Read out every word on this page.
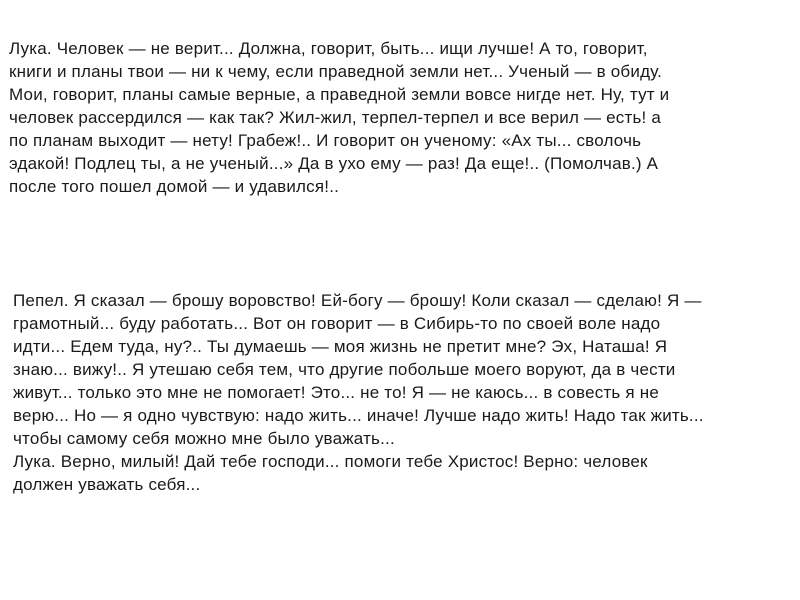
Лука. Человек — не верит... Должна, говорит, быть... ищи лучше! А то, говорит,
книги и планы твои — ни к чему, если праведной земли нет... Ученый — в обиду.
Мои, говорит, планы самые верные, а праведной земли вовсе нигде нет. Ну, тут и
человек рассердился — как так? Жил-жил, терпел-терпел и все верил — есть! а
по планам выходит — нету! Грабеж!.. И говорит он ученому: «Ах ты... сволочь
эдакой! Подлец ты, а не ученый...» Да в ухо ему — раз! Да еще!.. (Помолчав.) А
после того пошел домой — и удавился!..
Пепел. Я сказал — брошу воровство! Ей-богу — брошу! Коли сказал — сделаю! Я —
грамотный... буду работать... Вот он говорит — в Сибирь-то по своей воле надо
идти... Едем туда, ну?.. Ты думаешь — моя жизнь не претит мне? Эх, Наташа! Я
знаю... вижу!.. Я утешаю себя тем, что другие побольше моего воруют, да в чести
живут... только это мне не помогает! Это... не то! Я — не каюсь... в совесть я не
верю... Но — я одно чувствую: надо жить... иначе! Лучше надо жить! Надо так жить...
чтобы самому себя можно мне было уважать...
Лука. Верно, милый! Дай тебе господи... помоги тебе Христос! Верно: человек
должен уважать себя...
